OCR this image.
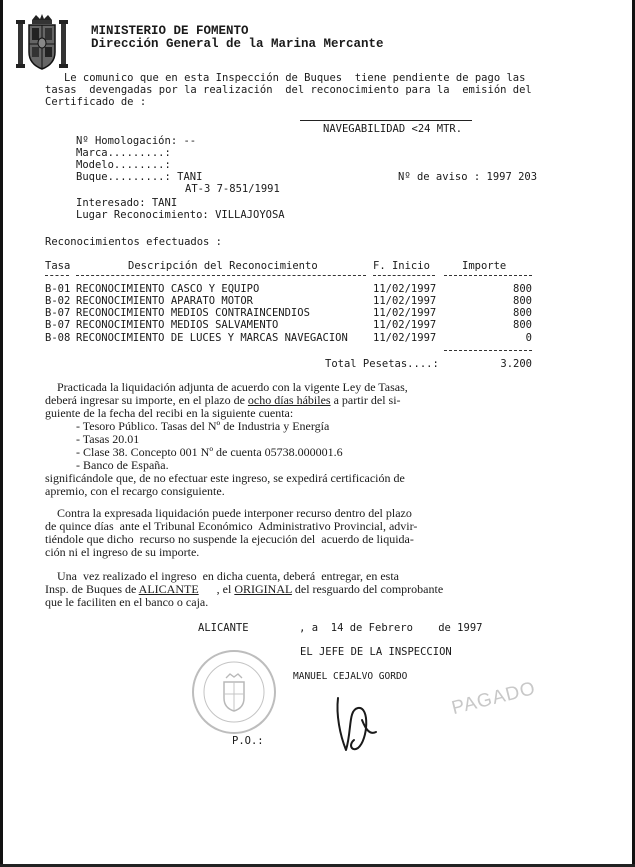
MINISTERIO DE FOMENTO
Dirección General de la Marina Mercante
Le comunico que en esta Inspección de Buques  tiene pendiente de pago las
tasas  devengadas por la realización  del reconocimiento para la  emisión del
Certificado de :
NAVEGABILIDAD <24 MTR.
Nº Homologación: --
Marca.........:
Modelo........:
Buque.........: TANI	Nº de aviso : 1997 203
AT-3 7-851/1991
Interesado: TANI
Lugar Reconocimiento: VILLAJOYOSA
Reconocimientos efectuados :
Tasa	Descripción del Reconocimiento	F. Inicio	Importe
B-01 RECONOCIMIENTO CASCO Y EQUIPO	11/02/1997	800
B-02 RECONOCIMIENTO APARATO MOTOR	11/02/1997	800
B-07 RECONOCIMIENTO MEDIOS CONTRAINCENDIOS	11/02/1997	800
B-07 RECONOCIMIENTO MEDIOS SALVAMENTO	11/02/1997	800
B-08 RECONOCIMIENTO DE LUCES Y MARCAS NAVEGACION 11/02/1997	0
Total Pesetas....:	3.200
Practicada la liquidación adjunta de acuerdo con la vigente Ley de Tasas,
deberá ingresar su importe, en el plazo de ocho días hábiles a partir del si-
guiente de la fecha del recibi en la siguiente cuenta:
- Tesoro Público. Tasas del Nº de Industria y Energía
- Tasas 20.01
- Clase 38. Concepto 001 Nº de cuenta 05738.000001.6
- Banco de España.
significándole que, de no efectuar este ingreso, se expedirá certificación de
apremio, con el recargo consiguiente.
Contra la expresada liquidación puede interponer recurso dentro del plazo
de quince días  ante el Tribunal Económico  Administrativo Provincial, advir-
tiéndole que dicho  recurso no suspende la ejecución del  acuerdo de liquida-
ción ni el ingreso de su importe.
Una  vez realizado el ingreso  en dicha cuenta, deberá  entregar, en esta
Insp. de Buques de ALICANTE      , el ORIGINAL del resguardo del comprobante
que le faciliten en el banco o caja.
ALICANTE        , a  14 de Febrero    de 1997
EL JEFE DE LA INSPECCION
MANUEL CEJALVO GORDO
PAGADO
P.O.:
